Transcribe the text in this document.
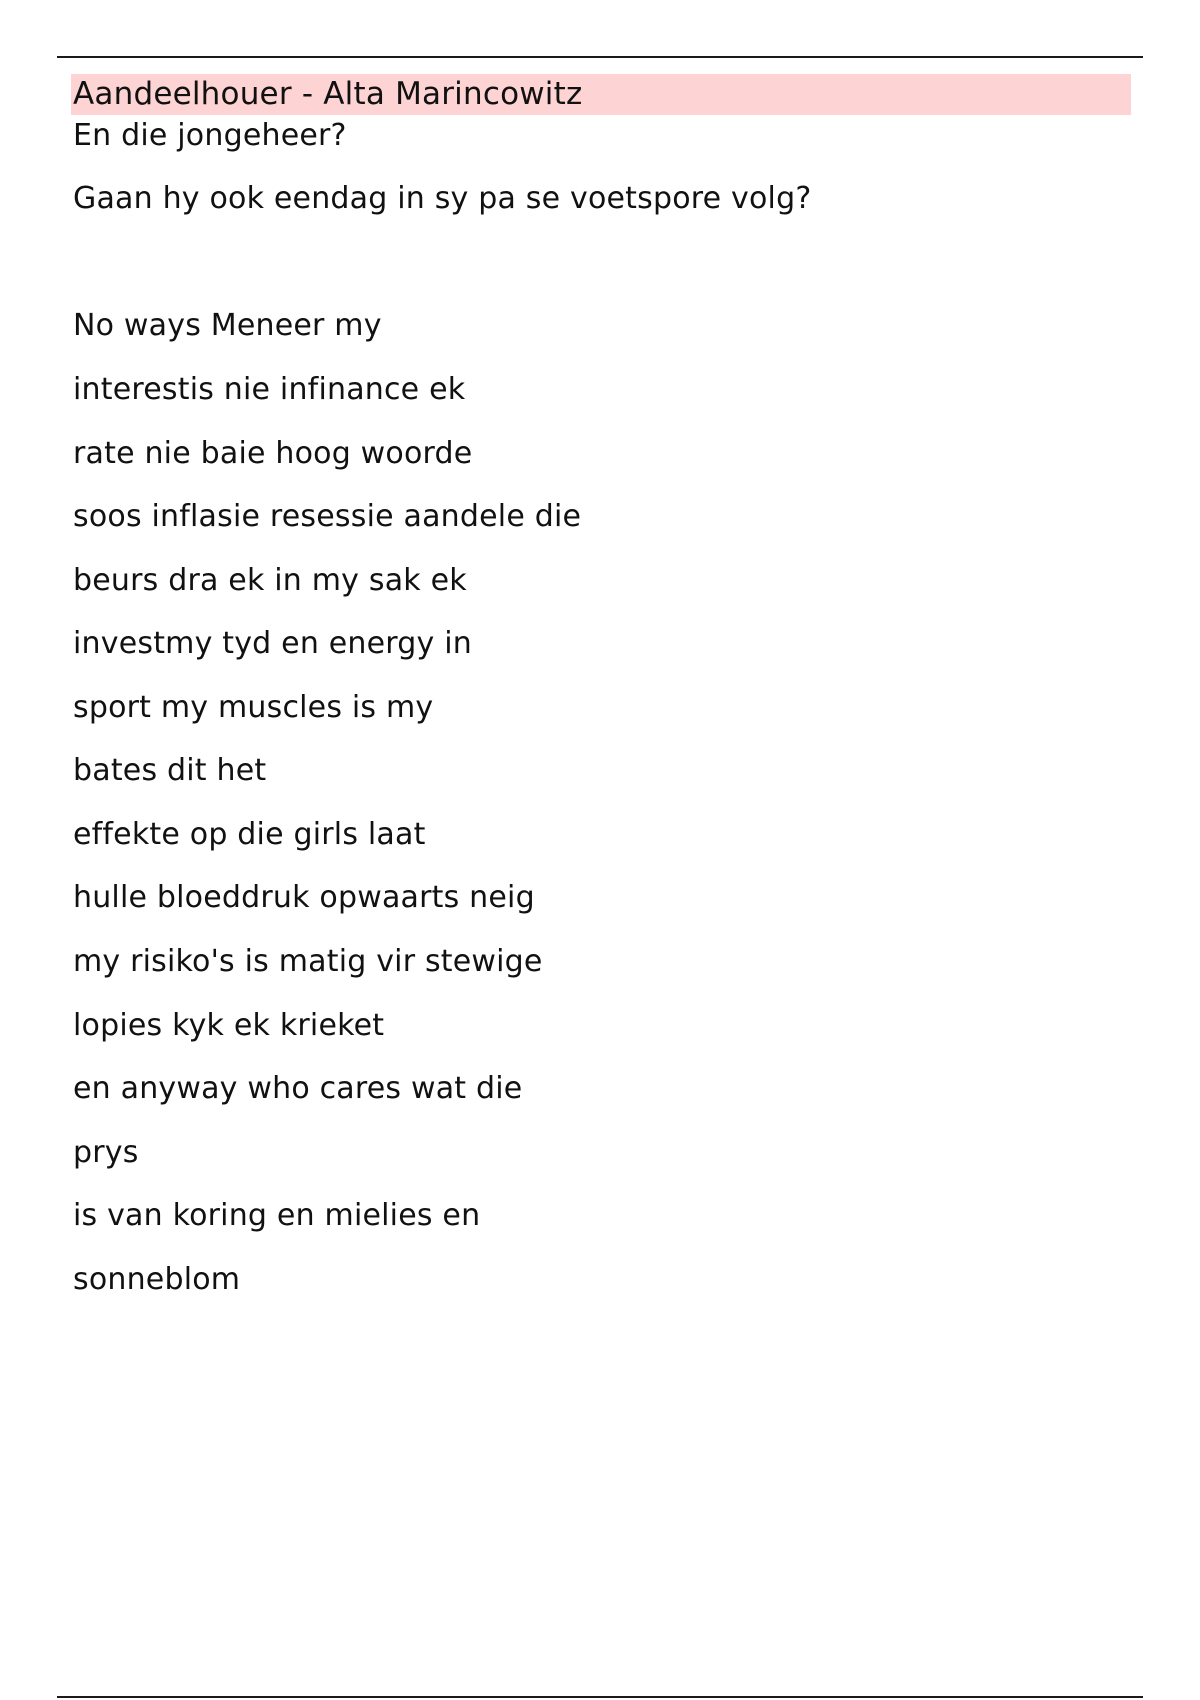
Aandeelhouer - Alta Marincowitz
En die jongeheer?
Gaan hy ook eendag in sy pa se voetspore volg?
No ways Meneer my
interestis nie infinance ek
rate nie baie hoog woorde
soos inflasie resessie aandele die
beurs dra ek in my sak ek
investmy tyd en energy in
sport my muscles is my
bates dit het
effekte op die girls laat
hulle bloeddruk opwaarts neig
my risiko's is matig vir stewige
lopies kyk ek krieket
en anyway who cares wat die
prys
is van koring en mielies en
sonneblom
